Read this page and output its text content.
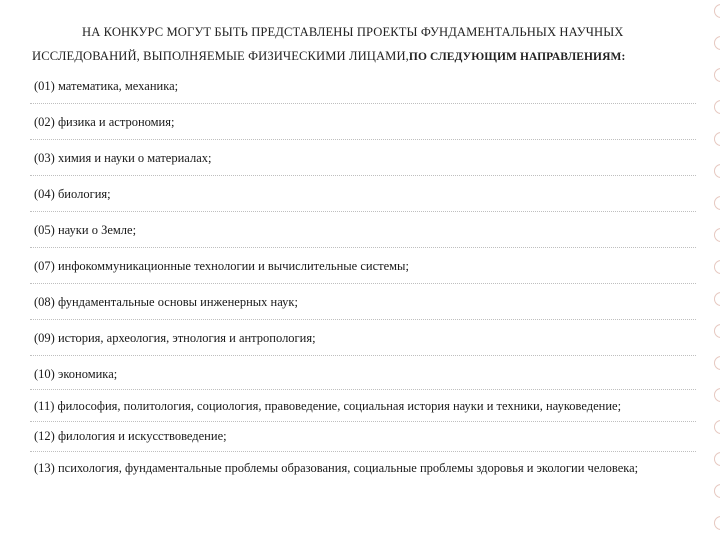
НА КОНКУРС МОГУТ БЫТЬ ПРЕДСТАВЛЕНЫ ПРОЕКТЫ ФУНДАМЕНТАЛЬНЫХ НАУЧНЫХ
ИССЛЕДОВАНИЙ, ВЫПОЛНЯЕМЫЕ ФИЗИЧЕСКИМИ ЛИЦАМИ,ПО СЛЕДУЮЩИМ НАПРАВЛЕНИЯМ:
(01) математика, механика;
(02) физика и астрономия;
(03) химия и науки о материалах;
(04) биология;
(05) науки о Земле;
(07) инфокоммуникационные технологии и вычислительные системы;
(08) фундаментальные основы инженерных наук;
(09) история, археология, этнология и антропология;
(10) экономика;
(11) философия, политология, социология, правоведение, социальная история науки и техники, науковедение;
(12) филология и искусствоведение;
(13) психология, фундаментальные проблемы образования, социальные проблемы здоровья и экологии человека;
